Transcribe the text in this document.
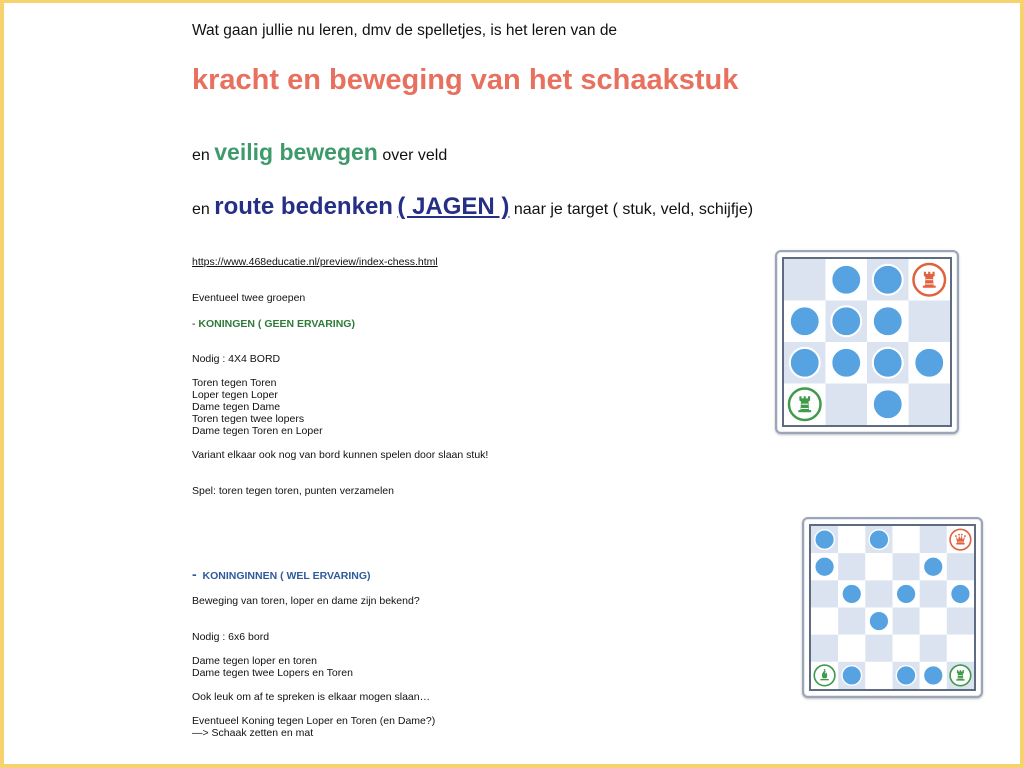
Wat gaan jullie nu leren, dmv de spelletjes, is het leren van de
kracht en beweging van het schaakstuk
en veilig bewegen over veld
en route bedenken ( JAGEN ) naar je target ( stuk, veld, schijfje)
https://www.468educatie.nl/preview/index-chess.html
Eventueel twee groepen
- KONINGEN ( GEEN ERVARING)
Nodig : 4X4 BORD
Toren tegen Toren
Loper tegen Loper
Dame tegen Dame
Toren tegen twee lopers
Dame tegen Toren en Loper
Variant elkaar ook nog van bord kunnen spelen door slaan stuk!
Spel: toren tegen toren, punten verzamelen
- KONINGINNEN ( WEL ERVARING)
Beweging van toren, loper en dame zijn bekend?
Nodig : 6x6 bord
Dame tegen loper en toren
Dame tegen twee Lopers en Toren
Ook leuk om af te spreken is elkaar mogen slaan…
Eventueel Koning tegen Loper en Toren (en Dame?)
—> Schaak zetten en mat
